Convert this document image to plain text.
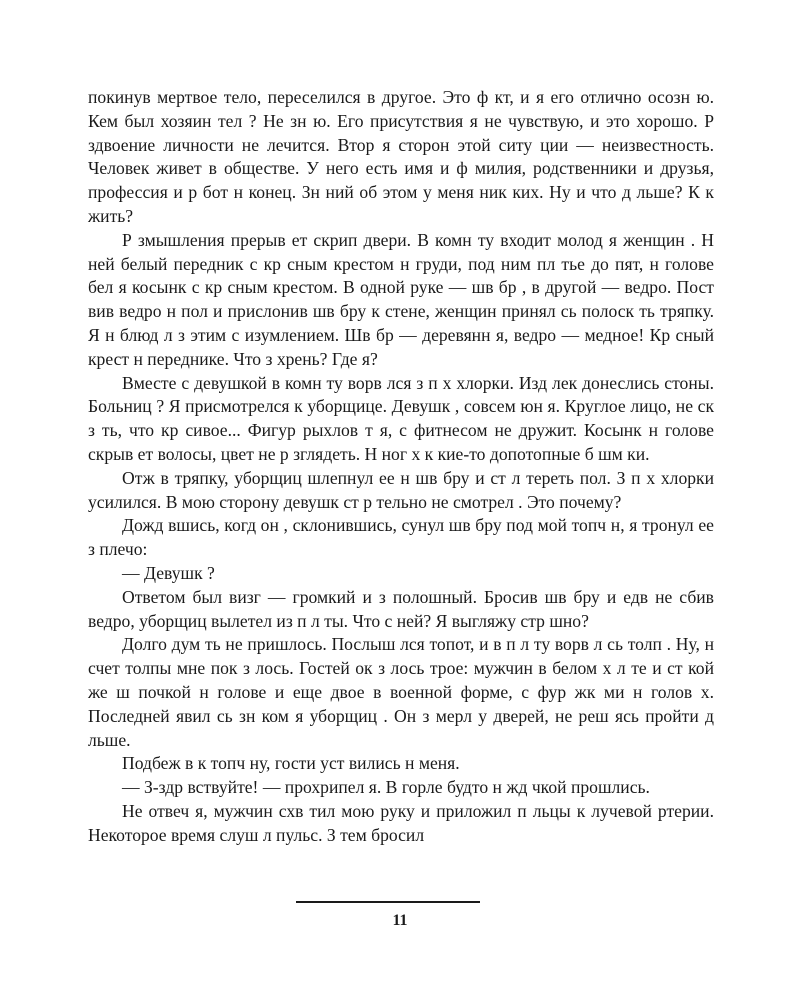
покинув мертвое тело, переселился в другое. Это ф кт, и я его отлично осозн ю. Кем был хозяин тел ? Не зн ю. Его присутствия я не чувствую, и это хорошо. Р здвоение личности не лечится. Втор я сторон этой ситу ции — неизвестность. Человек живет в обществе. У него есть имя и ф милия, родственники и друзья, профессия и р бот н конец. Зн ний об этом у меня ник ких. Ну и что д льше? К к жить?

Р змышления прерыв ет скрип двери. В комн ту входит молод я женщин . Н ней белый передник с кр сным крестом н груди, под ним пл тье до пят, н голове бел я косынк с кр сным крестом. В одной руке — шв бр , в другой — ведро. Пост вив ведро н пол и прислонив шв бру к стене, женщин принял сь полоск ть тряпку. Я н блюд л з этим с изумлением. Шв бр — деревянн я, ведро — медное! Кр сный крест н переднике. Что з хрень? Где я?

Вместе с девушкой в комн ту ворв лся з п х хлорки. Изд лек донеслись стоны. Больниц ? Я присмотрелся к уборщице. Девушк , совсем юн я. Круглое лицо, не ск з ть, что кр сивое... Фигур рыхлов т я, с фитнесом не дружит. Косынк н голове скрыв ет волосы, цвет не р зглядеть. Н ног х к кие-то допотопные б шм ки.

Отж в тряпку, уборщиц шлепнул ее н шв бру и ст л тереть пол. З п х хлорки усилился. В мою сторону девушк ст р тельно не смотрел . Это почему?

Дожд вшись, когд он , склонившись, сунул шв бру под мой топч н, я тронул ее з плечо:

— Девушк ?

Ответом был визг — громкий и з полошный. Бросив шв бру и едв не сбив ведро, уборщиц вылетел из п л ты. Что с ней? Я выгляжу стр шно?

Долго дум ть не пришлось. Послыш лся топот, и в п л ту ворв л сь толп . Ну, н счет толпы мне пок з лось. Гостей ок з лось трое: мужчин в белом х л те и ст кой же ш почкой н голове и еще двое в военной форме, с фур жк ми н голов х. Последней явил сь зн ком я уборщиц . Он з мерл у дверей, не реш ясь пройти д льше.

Подбеж в к топч ну, гости уст вились н меня.

— З-здр вствуйте! — прохрипел я. В горле будто н жд чкой прошлись.

Не отвеч я, мужчин схв тил мою руку и приложил п льцы к лучевой ртерии. Некоторое время слуш л пульс. З тем бросил

11
